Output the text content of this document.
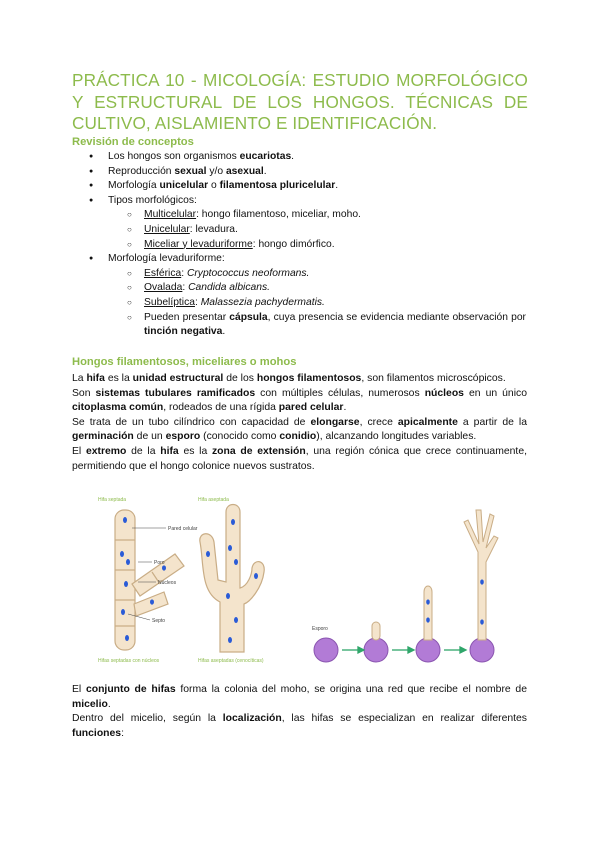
PRÁCTICA 10 - MICOLOGÍA: ESTUDIO MORFOLÓGICO Y ESTRUCTURAL DE LOS HONGOS. TÉCNICAS DE CULTIVO, AISLAMIENTO E IDENTIFICACIÓN.
Revisión de conceptos
● Los hongos son organismos eucariotas.
● Reproducción sexual y/o asexual.
● Morfología unicelular o filamentosa pluricelular.
● Tipos morfológicos:
○ Multicelular: hongo filamentoso, miceliar, moho.
○ Unicelular: levadura.
○ Miceliar y levaduriforme: hongo dimórfico.
● Morfología levaduriforme:
○ Esférica: Cryptococcus neoformans.
○ Ovalada: Candida albicans.
○ Subelíptica: Malassezia pachydermatis.
○ Pueden presentar cápsula, cuya presencia se evidencia mediante observación por tinción negativa.
Hongos filamentosos, miceliares o mohos

La hifa es la unidad estructural de los hongos filamentosos, son filamentos microscópicos.

Son sistemas tubulares ramificados con múltiples células, numerosos núcleos en un único citoplasma común, rodeados de una rígida pared celular.

Se trata de un tubo cilíndrico con capacidad de elongarse, crece apicalmente a partir de la germinación de un esporo (conocido como conidio), alcanzando longitudes variables.

El extremo de la hifa es la zona de extensión, una región cónica que crece continuamente, permitiendo que el hongo colonice nuevos sustratos.

Hifa septada	Hifa aseptada
Pared celular
Poro
Núcleos
Septo
Hifas septadas con núcleos	Hifas aseptadas (cenocíticas)
Esporo

El conjunto de hifas forma la colonia del moho, se origina una red que recibe el nombre de micelio.

Dentro del micelio, según la localización, las hifas se especializan en realizar diferentes funciones:
